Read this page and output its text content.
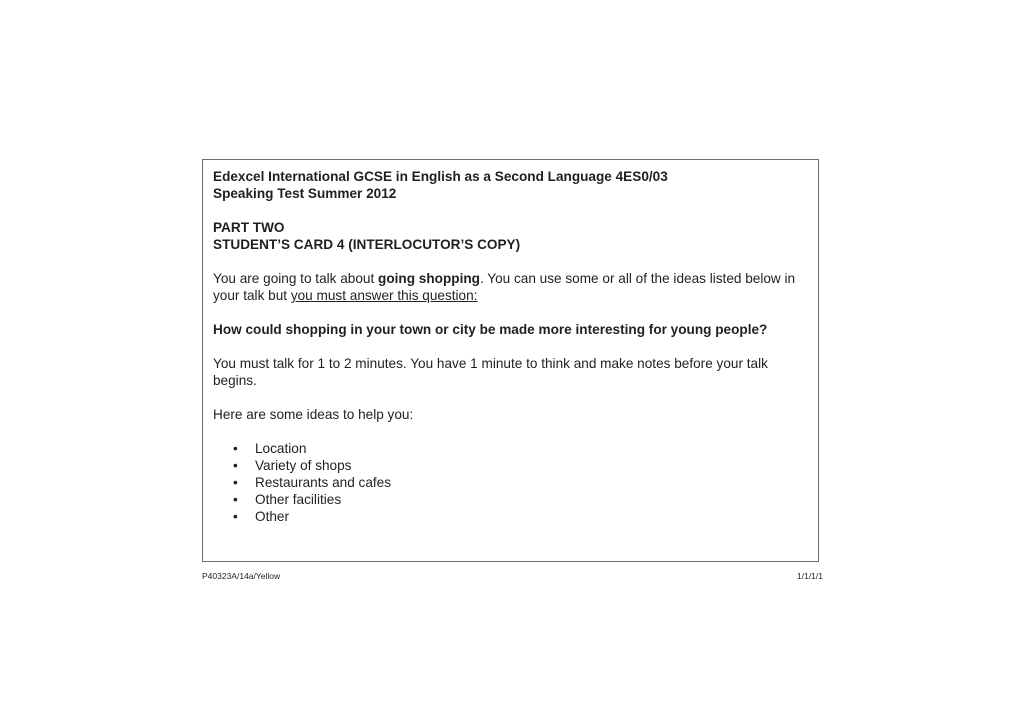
Edexcel International GCSE in English as a Second Language 4ES0/03

Speaking Test Summer 2012

PART TWO

STUDENT’S CARD 4 (INTERLOCUTOR’S COPY)

You are going to talk about going shopping. You can use some or all of the ideas listed below in

your talk but you must answer this question:

How could shopping in your town or city be made more interesting for young people?

You must talk for 1 to 2 minutes. You have 1 minute to think and make notes before your talk begins.

Here are some ideas to help you:

•	Location
•	Variety of shops
•	Restaurants and cafes
•	Other facilities
•	Other
P40323A/14a/Yellow	1/1/1/1
